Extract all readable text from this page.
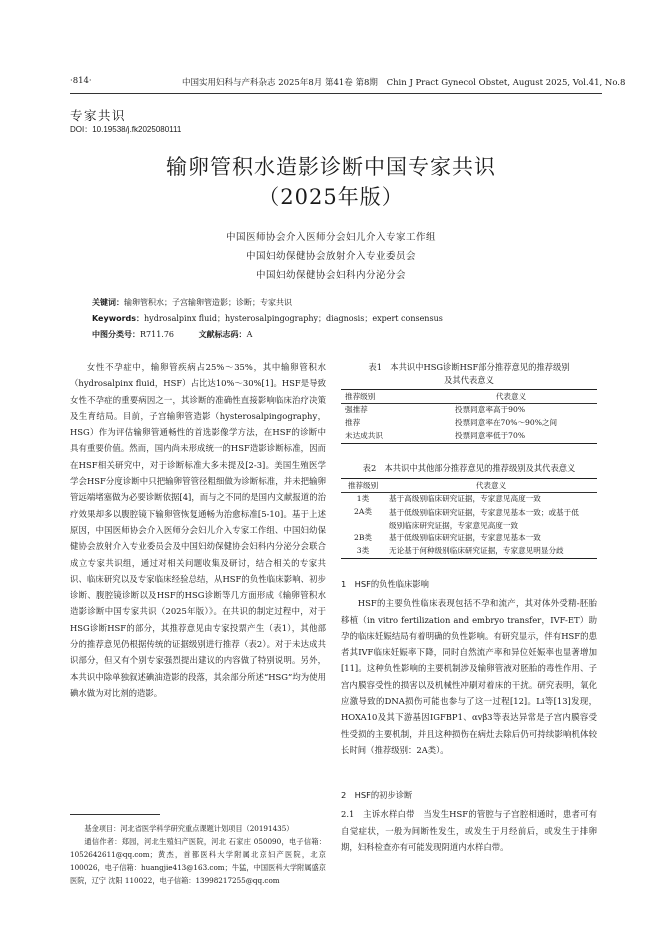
·814·	中国实用妇科与产科杂志 2025年8月 第41卷 第8期 Chin J Pract Gynecol Obstet, August 2025, Vol.41, No.8
专家共识
DOI：10.19538/j.fk2025080111
输卵管积水造影诊断中国专家共识
（2025年版）
中国医师协会介入医师分会妇儿介入专家工作组
中国妇幼保健协会放射介入专业委员会
中国妇幼保健协会妇科内分泌分会
关键词：输卵管积水；子宫输卵管造影；诊断；专家共识
Keywords：hydrosalpinx fluid；hysterosalpingography；diagnosis；expert consensus
中图分类号：R711.76	文献标志码：A

女性不孕症中，输卵管疾病占25%～35%，其中输卵管积水（hydrosalpinx fluid，HSF）占比达10%～30%[1]。HSF是导致女性不孕症的重要病因之一，其诊断的准确性直接影响临床治疗决策及生育结局。目前，子宫输卵管造影（hysterosalpingography，HSG）作为评估输卵管通畅性的首选影像学方法，在HSF的诊断中具有重要价值。然而，国内尚未形成统一的HSF造影诊断标准，因而在HSF相关研究中，对于诊断标准大多未提及[2-3]。美国生殖医学学会HSF分度诊断中只把输卵管管径粗细做为诊断标准，并未把输卵管远端堵塞做为必要诊断依据[4]，而与之不同的是国内文献报道的治疗效果却多以腹腔镜下输卵管恢复通畅为治愈标准[5-10]。基于上述原因，中国医师协会介入医师分会妇儿介入专家工作组、中国妇幼保健协会放射介入专业委员会及中国妇幼保健协会妇科内分泌分会联合成立专家共识组，通过对相关问题收集及研讨，结合相关的专家共识、临床研究以及专家临床经验总结，从HSF的负性临床影响、初步诊断、腹腔镜诊断以及HSF的HSG诊断等几方面形成《输卵管积水造影诊断中国专家共识（2025年版）》。在共识的制定过程中，对于HSG诊断HSF的部分，其推荐意见由专家投票产生（表1），其他部分的推荐意见仍根据传统的证据级别进行推荐（表2）。对于未达成共识部分，但又有个别专家强烈提出建议的内容做了特别说明。另外，本共识中除单独叙述碘油造影的段落，其余部分所述“HSG”均为使用碘水做为对比剂的造影。

基金项目：河北省医学科学研究重点课题计划项目（20191435）

通信作者：郑园，河北生殖妇产医院，河北 石家庄 050090，电子信箱：1052642611@qq.com；黄杰，首都医科大学附属北京妇产医院，北京 100026，电子信箱：huangjie413@163.com；牛猛，中国医科大学附属盛京医院，辽宁 沈阳 110022，电子信箱：13998217255@qq.com

表1　本共识中HSG诊断HSF部分推荐意见的推荐级别
及其代表意义
推荐级别	代表意义
强推荐	投票同意率高于90%
推荐	投票同意率在70%～90%之间
未达成共识	投票同意率低于70%
表2　本共识中其他部分推荐意见的推荐级别及其代表意义
推荐级别	代表意义
1类	基于高级别临床研究证据，专家意见高度一致
2A类	基于低级别临床研究证据，专家意见基本一致；或基于低级别临床研究证据，专家意见高度一致
2B类	基于低级别临床研究证据，专家意见基本一致
3类	无论基于何种级别临床研究证据，专家意见明显分歧
1　HSF的负性临床影响

HSF的主要负性临床表现包括不孕和流产，其对体外受精-胚胎移植（in vitro fertilization and embryo transfer，IVF-ET）助孕的临床妊娠结局有着明确的负性影响。有研究显示，伴有HSF的患者其IVF临床妊娠率下降，同时自然流产率和异位妊娠率也显著增加[11]。这种负性影响的主要机制涉及输卵管液对胚胎的毒性作用、子宫内膜容受性的损害以及机械性冲刷对着床的干扰。研究表明，氧化应激导致的DNA损伤可能也参与了这一过程[12]。Li等[13]发现，HOXA10及其下游基因IGFBP1、αvβ3等表达异常是子宫内膜容受性受损的主要机制，并且这种损伤在病灶去除后仍可持续影响机体较长时间（推荐级别：2A类）。

2　HSF的初步诊断

2.1　 主诉水样白带　 当发生HSF的管腔与子宫腔相通时，患者可有自觉症状，一般为间断性发生，或发生于月经前后，或发生于排卵期，妇科检查亦有可能发现阴道内水样白带。
